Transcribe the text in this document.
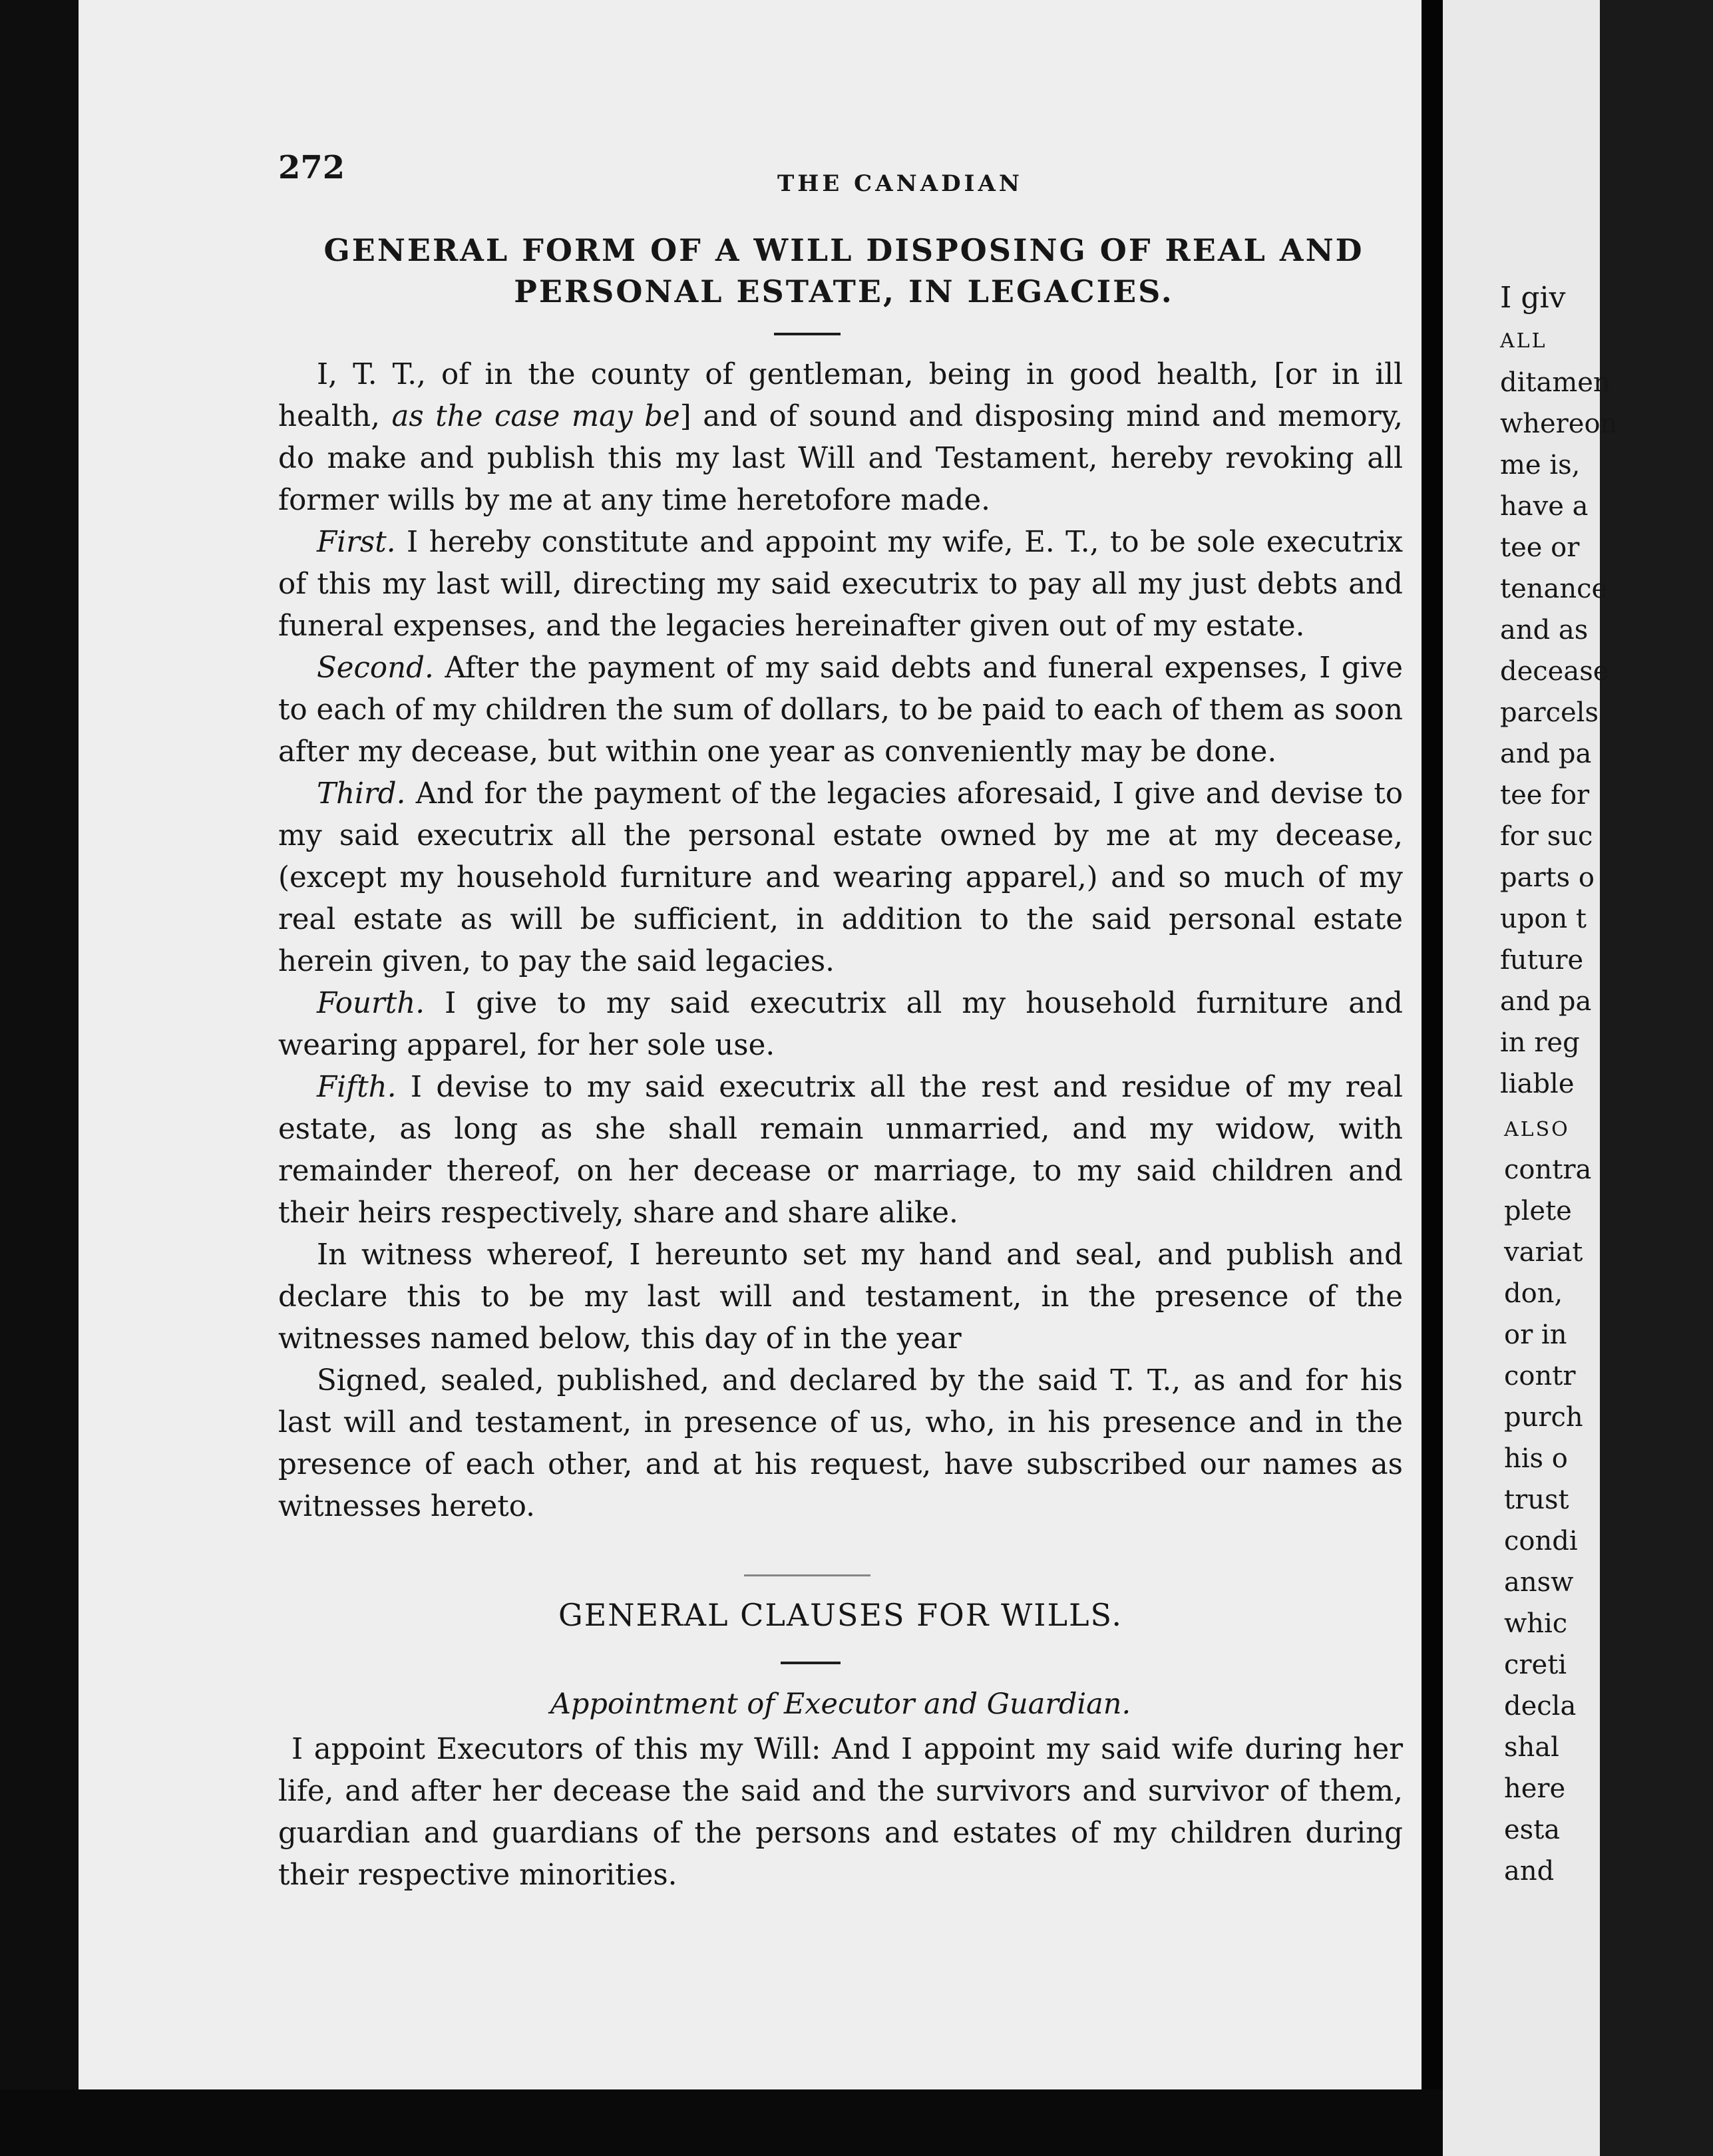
272	THE CANADIAN
GENERAL FORM OF A WILL DISPOSING OF REAL AND PERSONAL ESTATE, IN LEGACIES.

I, T. T., of in the county of gentleman, being in good health, [or in ill health, as the case may be] and of sound and disposing mind and memory, do make and publish this my last Will and Testament, hereby revoking all former wills by me at any time heretofore made.

First. I hereby constitute and appoint my wife, E. T., to be sole executrix of this my last will, directing my said executrix to pay all my just debts and funeral expenses, and the legacies hereinafter given out of my estate.

Second. After the payment of my said debts and funeral expenses, I give to each of my children the sum of dollars, to be paid to each of them as soon after my decease, but within one year as conveniently may be done.

Third. And for the payment of the legacies aforesaid, I give and devise to my said executrix all the personal estate owned by me at my decease, (except my household furniture and wearing apparel,) and so much of my real estate as will be sufficient, in addition to the said personal estate herein given, to pay the said legacies.

Fourth. I give to my said executrix all my household furniture and wearing apparel, for her sole use.

Fifth. I devise to my said executrix all the rest and residue of my real estate, as long as she shall remain unmarried, and my widow, with remainder thereof, on her decease or marriage, to my said children and their heirs respectively, share and share alike.

In witness whereof, I hereunto set my hand and seal, and publish and declare this to be my last will and testament, in the presence of the witnesses named below, this day of in the year

Signed, sealed, published, and declared by the said T. T., as and for his last will and testament, in presence of us, who, in his presence and in the presence of each other, and at his request, have subscribed our names as witnesses hereto.

GENERAL CLAUSES FOR WILLS.
Appointment of Executor and Guardian.

I appoint Executors of this my Will: And I appoint my said wife during her life, and after her decease the said and the survivors and survivor of them, guardian and guardians of the persons and estates of my children during their respective minorities.

I giv
ALL
ditamen
whereon
me is,
have a
tee or
tenance
and as
decease
parcels
and pa
tee for
for suc
parts o
upon t
future
and pa
in reg
liable
ALSO
contra
plete
variat
don,
or in
contr
purch
his o
trust
condi
answ
whic
creti
decla
shal
here
esta
and
